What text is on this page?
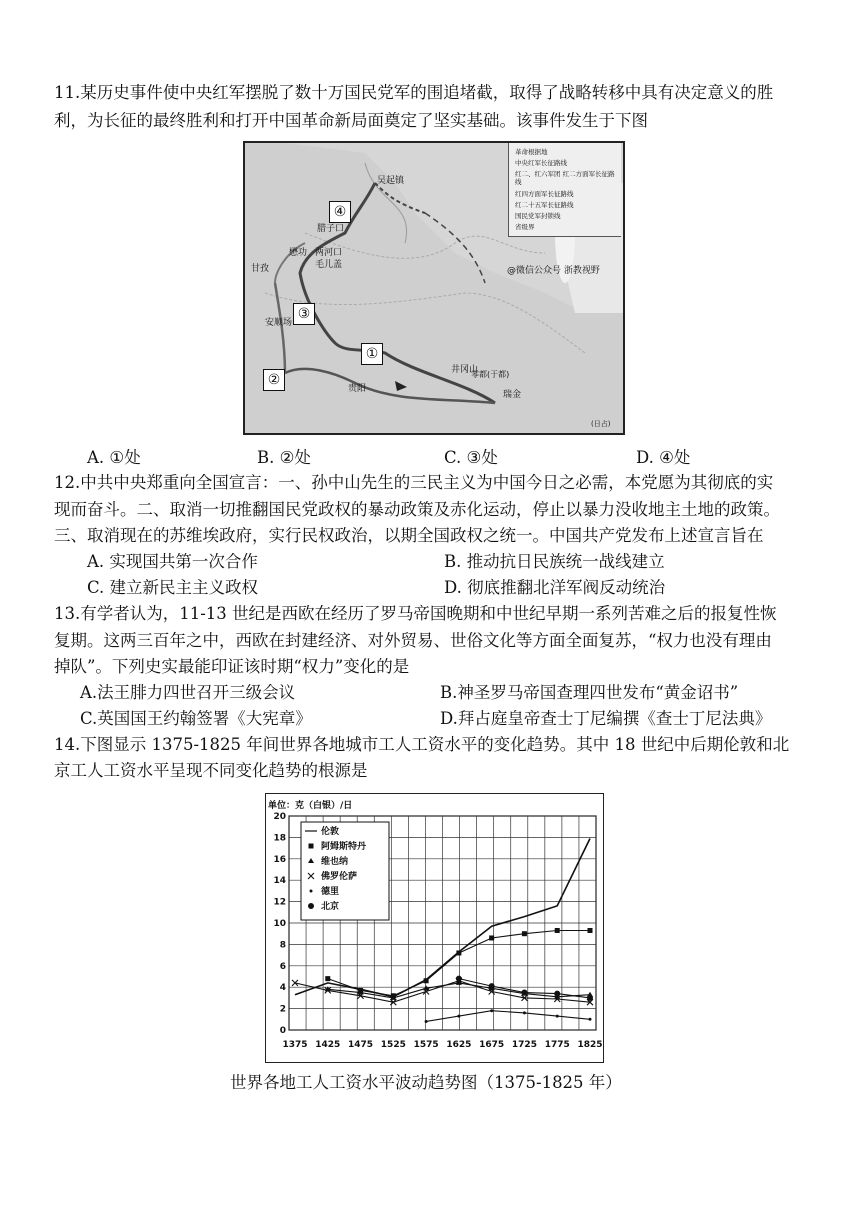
11.某历史事件使中央红军摆脱了数十万国民党军的围追堵截，取得了战略转移中具有决定意义的胜
利，为长征的最终胜利和打开中国革命新局面奠定了坚实基础。该事件发生于下图
吴起镇
腊子口
懋功 两河口
毛儿盖
甘孜
安顺场
贵阳
井冈山
瑞金
零都(于都)
@微信公众号 浙教视野
(日占)
①
②
③
④
革命根据地
中央红军长征路线
红二、红六军团 红二方面军长征路线
红四方面军长征路线
红二十五军长征路线
国民党军封锁线
省级界
A. ①处	B. ②处	C. ③处	D. ④处
12.中共中央郑重向全国宣言：一、孙中山先生的三民主义为中国今日之必需，本党愿为其彻底的实
现而奋斗。二、取消一切推翻国民党政权的暴动政策及赤化运动，停止以暴力没收地主土地的政策。
三、取消现在的苏维埃政府，实行民权政治，以期全国政权之统一。中国共产党发布上述宣言旨在
A. 实现国共第一次合作	B. 推动抗日民族统一战线建立
C. 建立新民主主义政权	D. 彻底推翻北洋军阀反动统治
13.有学者认为，11-13 世纪是西欧在经历了罗马帝国晚期和中世纪早期一系列苦难之后的报复性恢
复期。这两三百年之中，西欧在封建经济、对外贸易、世俗文化等方面全面复苏，“权力也没有理由
掉队”。下列史实最能印证该时期“权力”变化的是
A.法王腓力四世召开三级会议	B.神圣罗马帝国查理四世发布“黄金诏书”
C.英国国王约翰签署《大宪章》	D.拜占庭皇帝查士丁尼编撰《查士丁尼法典》
14.下图显示 1375-1825 年间世界各地城市工人工资水平的变化趋势。其中 18 世纪中后期伦敦和北
京工人工资水平呈现不同变化趋势的根源是
单位：克（白银）/日
0
2
4
6
8
10
12
14
16
18
20
1375 1425 1475 1525 1575 1625 1675 1725 1775 1825
伦敦
阿姆斯特丹
维也纳
佛罗伦萨
德里
北京
世界各地工人工资水平波动趋势图（1375-1825 年）
